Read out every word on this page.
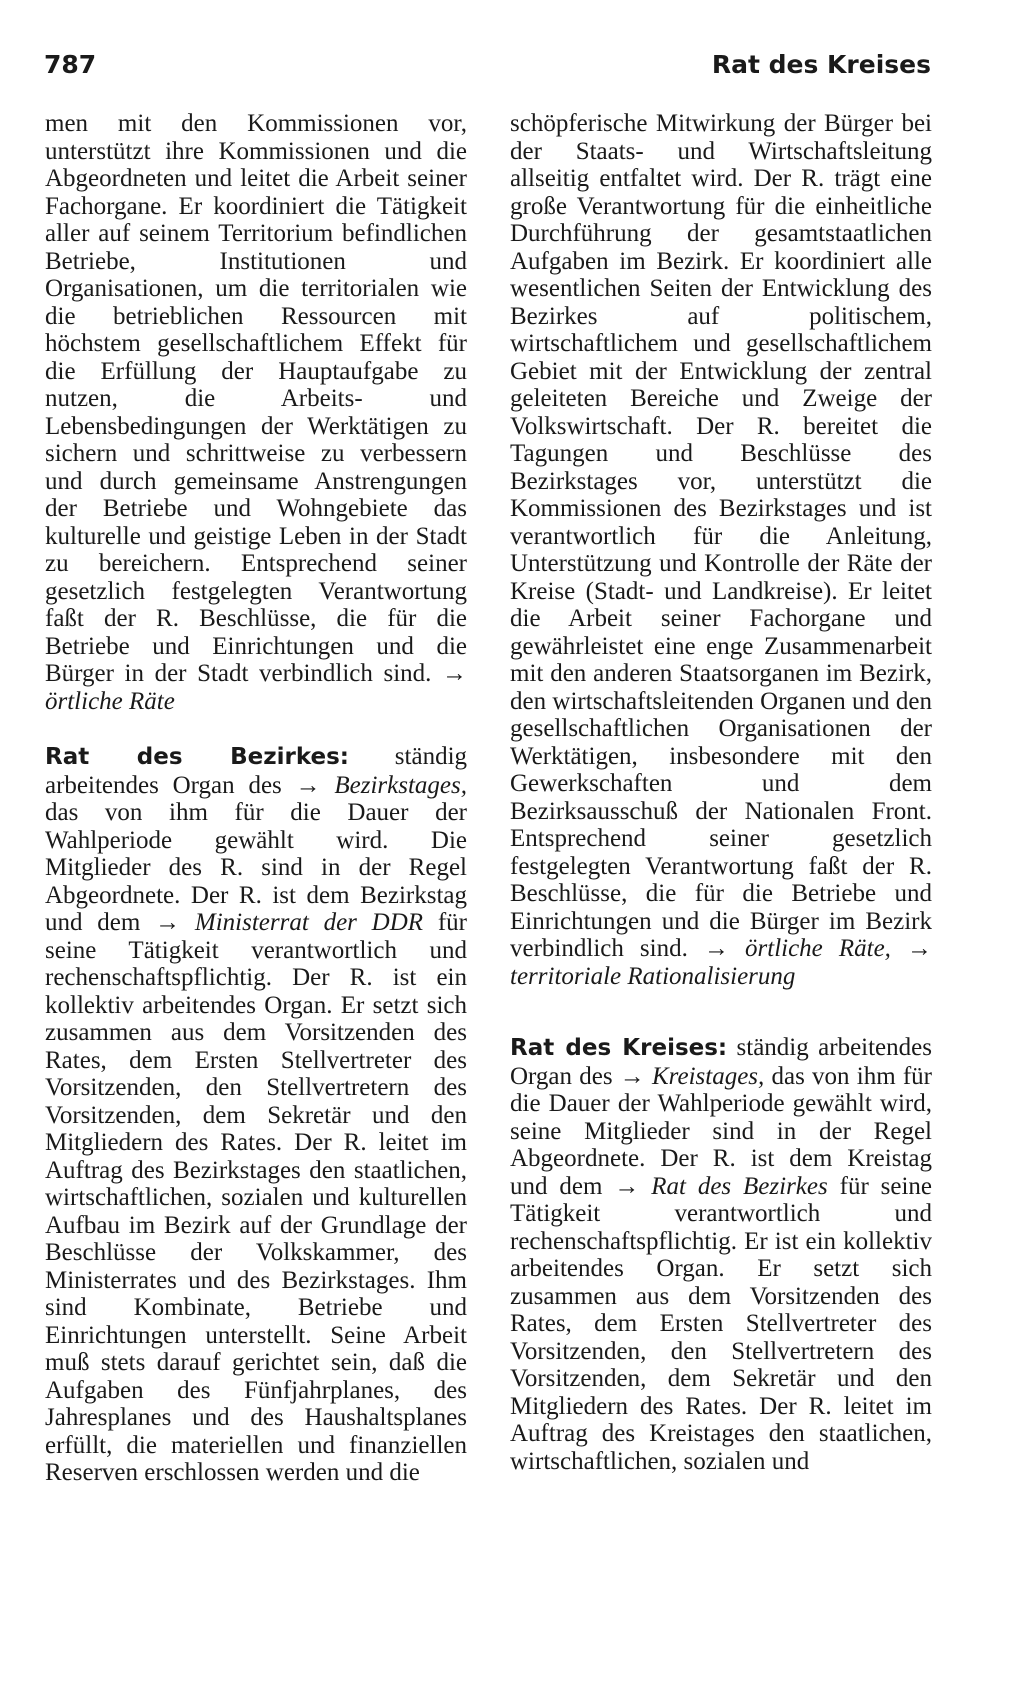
787	Rat des Kreises

men mit den Kommissionen vor, unterstützt ihre Kommissionen und die Abgeordneten und leitet die Arbeit seiner Fachorgane. Er koordiniert die Tätigkeit aller auf seinem Territorium befindlichen Betriebe, Institutionen und Organisationen, um die territorialen wie die betrieblichen Ressourcen mit höchstem gesellschaftlichem Effekt für die Erfüllung der Hauptaufgabe zu nutzen, die Arbeits- und Lebensbedingungen der Werktätigen zu sichern und schrittweise zu verbessern und durch gemeinsame Anstrengungen der Betriebe und Wohngebiete das kulturelle und geistige Leben in der Stadt zu bereichern. Entsprechend seiner gesetzlich festgelegten Verantwortung faßt der R. Beschlüsse, die für die Betriebe und Einrichtungen und die Bürger in der Stadt verbindlich sind. → örtliche Räte

Rat des Bezirkes: ständig arbeitendes Organ des → Bezirkstages, das von ihm für die Dauer der Wahlperiode gewählt wird. Die Mitglieder des R. sind in der Regel Abgeordnete. Der R. ist dem Bezirkstag und dem → Ministerrat der DDR für seine Tätigkeit verantwortlich und rechenschaftspflichtig. Der R. ist ein kollektiv arbeitendes Organ. Er setzt sich zusammen aus dem Vorsitzenden des Rates, dem Ersten Stellvertreter des Vorsitzenden, den Stellvertretern des Vorsitzenden, dem Sekretär und den Mitgliedern des Rates. Der R. leitet im Auftrag des Bezirkstages den staatlichen, wirtschaftlichen, sozialen und kulturellen Aufbau im Bezirk auf der Grundlage der Beschlüsse der Volkskammer, des Ministerrates und des Bezirkstages. Ihm sind Kombinate, Betriebe und Einrichtungen unterstellt. Seine Arbeit muß stets darauf gerichtet sein, daß die Aufgaben des Fünfjahrplanes, des Jahresplanes und des Haushaltsplanes erfüllt, die materiellen und finanziellen Reserven erschlossen werden und die

schöpferische Mitwirkung der Bürger bei der Staats- und Wirtschaftsleitung allseitig entfaltet wird. Der R. trägt eine große Verantwortung für die einheitliche Durchführung der gesamtstaatlichen Aufgaben im Bezirk. Er koordiniert alle wesentlichen Seiten der Entwicklung des Bezirkes auf politischem, wirtschaftlichem und gesellschaftlichem Gebiet mit der Entwicklung der zentral geleiteten Bereiche und Zweige der Volkswirtschaft. Der R. bereitet die Tagungen und Beschlüsse des Bezirkstages vor, unterstützt die Kommissionen des Bezirkstages und ist verantwortlich für die Anleitung, Unterstützung und Kontrolle der Räte der Kreise (Stadt- und Landkreise). Er leitet die Arbeit seiner Fachorgane und gewährleistet eine enge Zusammenarbeit mit den anderen Staatsorganen im Bezirk, den wirtschaftsleitenden Organen und den gesellschaftlichen Organisationen der Werktätigen, insbesondere mit den Gewerkschaften und dem Bezirksausschuß der Nationalen Front. Entsprechend seiner gesetzlich festgelegten Verantwortung faßt der R. Beschlüsse, die für die Betriebe und Einrichtungen und die Bürger im Bezirk verbindlich sind. → örtliche Räte, → territoriale Rationalisierung

Rat des Kreises: ständig arbeitendes Organ des → Kreistages, das von ihm für die Dauer der Wahlperiode gewählt wird, seine Mitglieder sind in der Regel Abgeordnete. Der R. ist dem Kreistag und dem → Rat des Bezirkes für seine Tätigkeit verantwortlich und rechenschaftspflichtig. Er ist ein kollektiv arbeitendes Organ. Er setzt sich zusammen aus dem Vorsitzenden des Rates, dem Ersten Stellvertreter des Vorsitzenden, den Stellvertretern des Vorsitzenden, dem Sekretär und den Mitgliedern des Rates. Der R. leitet im Auftrag des Kreistages den staatlichen, wirtschaftlichen, sozialen und
